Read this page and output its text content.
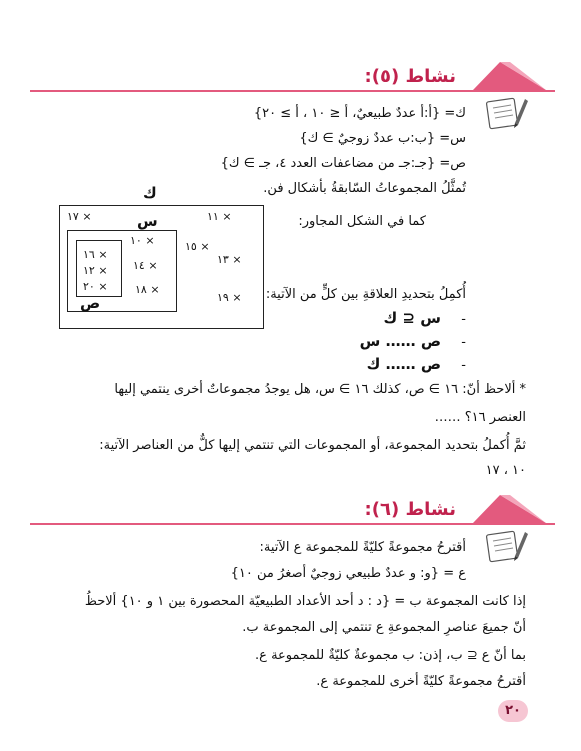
نشاط (٥):
ك= {أ:أ عددٌ طبيعيٌ، أ ≤ ١٠ ، أ ≥ ٢٠}
س= {ب:ب عددٌ زوجيٌ ∋ ك}
ص= {جـ:جـ من مضاعفات العدد ٤، جـ ∋ ك}
تُمثَّلُ المجموعاتُ السّابقةُ بأشكال فن.
كما في الشكل المجاور:
ك
س
ص
١٧ ×	١١ ×
١٥ ×
١٣ ×
١٩ ×
١٠ ×
١٤ ×
١٨ ×
١٦ ×
١٢ ×
٢٠ ×
أُكمِلُ بتحديدِ العلاقةِ بين كلٍّ من الآتية:
-
س ⊆ ك
-
ص …… س
-
ص …… ك
* ألاحظ أنّ: ١٦ ∋ ص، كذلك ١٦ ∋ س، هل يوجدُ مجموعاتٌ أخرى ينتمي إليها
العنصر ١٦؟ ……
ثمَّ أُكملُ بتحديد المجموعة، أو المجموعات التي تنتمي إليها كلٌّ من العناصر الآتية:
١٠ ، ١٧
نشاط (٦):
أقترحُ مجموعةً كليّةً للمجموعة ع الآتية:
ع = {و: و عددٌ طبيعي زوجيٌ أصغرُ من ١٠}
إذا كانت المجموعة ب = {د : د أحد الأعداد الطبيعيّة المحصورة بين ١ و ١٠} ألاحظُ
أنّ جميعَ عناصرِ المجموعةِ ع تنتمي إلى المجموعة ب.
بما أنّ ع ⊆ ب، إذن: ب مجموعةٌ كليّةٌ للمجموعة ع.
أقترحُ مجموعةً كليّةً أخرى للمجموعة ع.
٢٠
